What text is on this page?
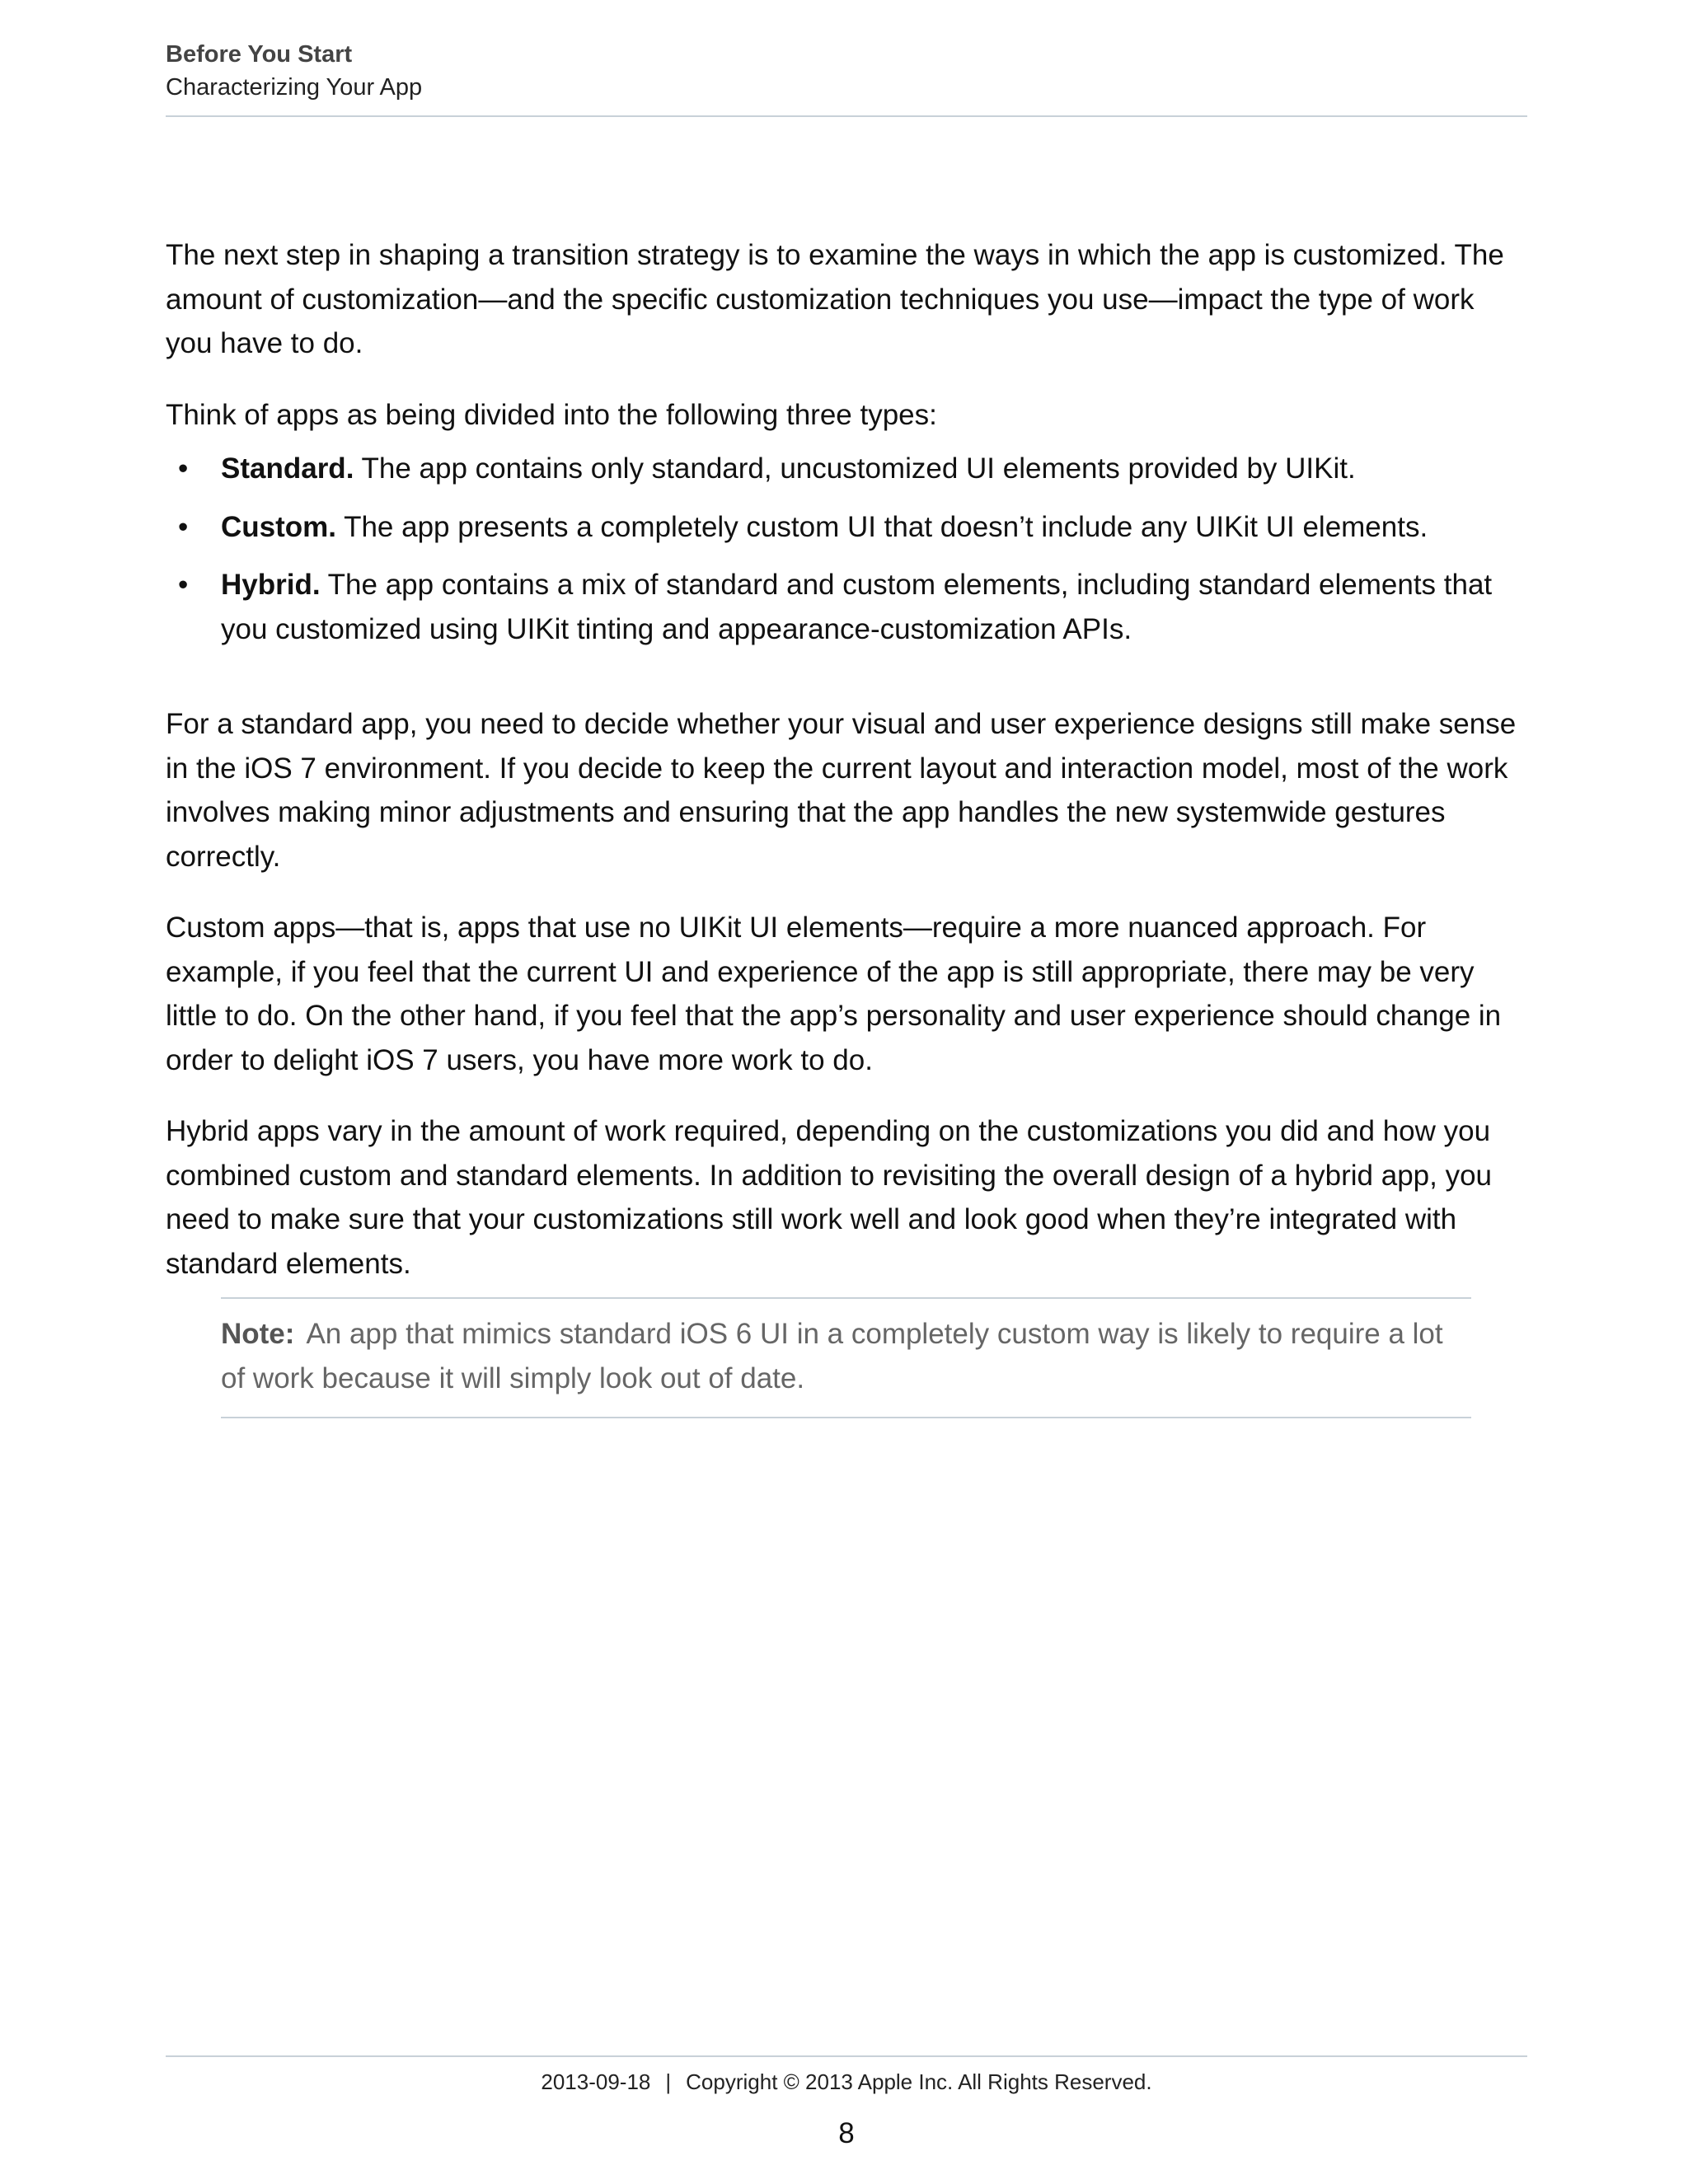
Before You Start
Characterizing Your App

The next step in shaping a transition strategy is to examine the ways in which the app is customized. The amount of customization—and the specific customization techniques you use—impact the type of work you have to do.

Think of apps as being divided into the following three types:

• Standard. The app contains only standard, uncustomized UI elements provided by UIKit.
• Custom. The app presents a completely custom UI that doesn’t include any UIKit UI elements.
• Hybrid. The app contains a mix of standard and custom elements, including standard elements that you customized using UIKit tinting and appearance-customization APIs.

For a standard app, you need to decide whether your visual and user experience designs still make sense in the iOS 7 environment. If you decide to keep the current layout and interaction model, most of the work involves making minor adjustments and ensuring that the app handles the new systemwide gestures correctly.

Custom apps—that is, apps that use no UIKit UI elements—require a more nuanced approach. For example, if you feel that the current UI and experience of the app is still appropriate, there may be very little to do. On the other hand, if you feel that the app’s personality and user experience should change in order to delight iOS 7 users, you have more work to do.

Hybrid apps vary in the amount of work required, depending on the customizations you did and how you combined custom and standard elements. In addition to revisiting the overall design of a hybrid app, you need to make sure that your customizations still work well and look good when they’re integrated with standard elements.

Note: An app that mimics standard iOS 6 UI in a completely custom way is likely to require a lot of work because it will simply look out of date.
2013-09-18 | Copyright © 2013 Apple Inc. All Rights Reserved.
8
